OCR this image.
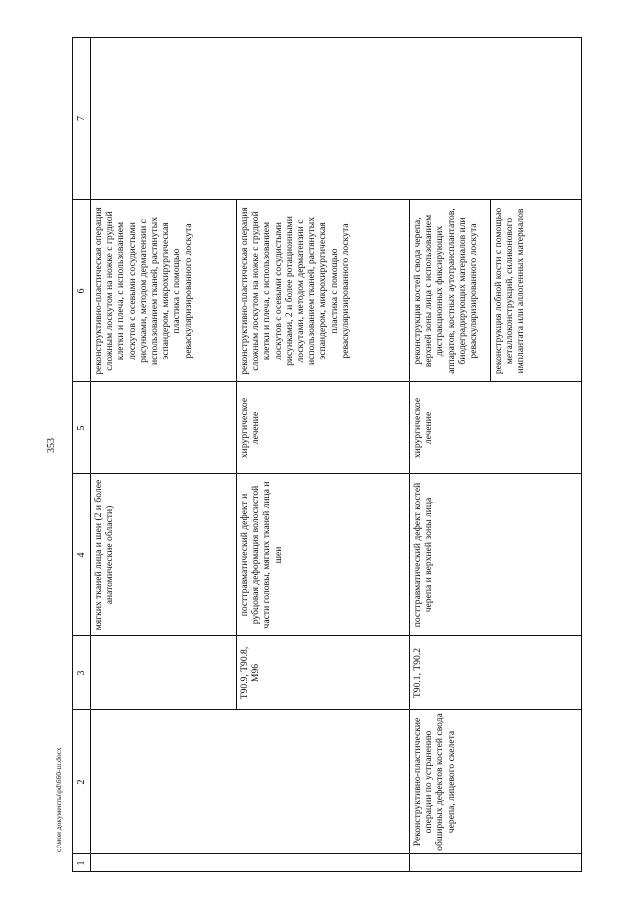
353
c:\мои документы\pd\660-ш.docx
1
2
3
4
5
6
7
мягких тканей лица и шеи (2 и более анатомические области)
реконструктивно-пластическая операция сложным лоскутом на ножке с грудной клетки и плеча, с использованием лоскутов с осевыми сосудистыми рисунками, методом дерматензии с использованием тканей, растянутых эспандером, микрохирургическая пластика с помощью реваскуляризированного лоскута
Т90.9, Т90.8, М96
посттравматический дефект и рубцовая деформация волосистой части головы, мягких тканей лица и шеи
хирургическое лечение
реконструктивно-пластическая операция сложным лоскутом на ножке с грудной клетки и плеча, с использованием лоскутов с осевыми сосудистыми рисунками, 2 и более ротационными лоскутами, методом дерматензии с использованием тканей, растянутых эспандером, микрохирургическая пластика с помощью реваскуляризированного лоскута
Реконструктивно-пластические операции по устранению обширных дефектов костей свода черепа, лицевого скелета
Т90.1, Т90.2
посттравматический дефект костей черепа и верхней зоны лица
хирургическое лечение
реконструкция костей свода черепа, верхней зоны лица с использованием дистракционных фиксирующих аппаратов, костных аутотрансплантатов, биодеградирующих материалов или реваскуляризированного лоскута	реконструкция лобной кости с помощью металлоконструкций, силиконового имплантата или аллогенных материалов
